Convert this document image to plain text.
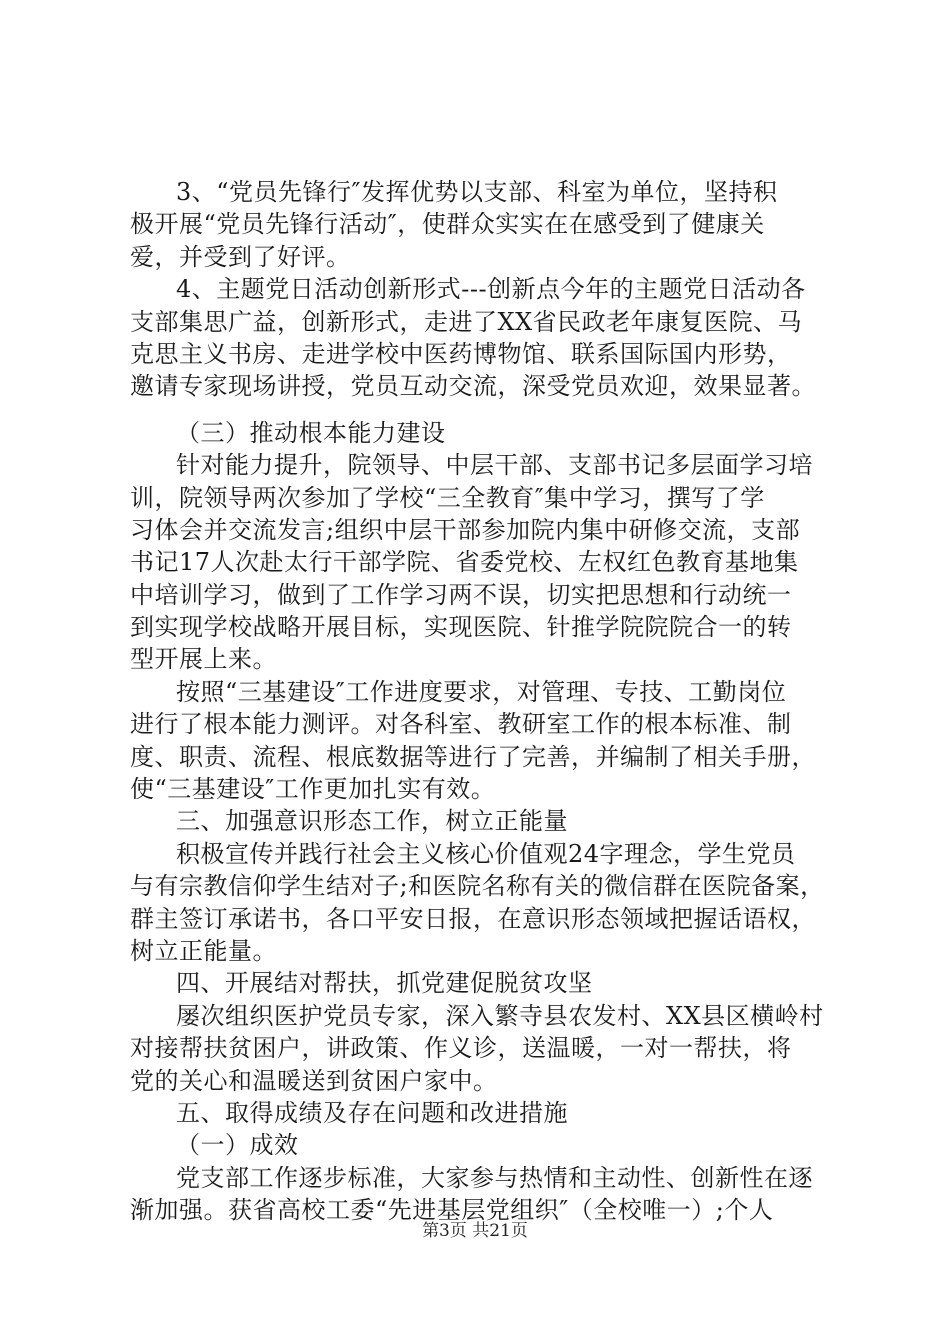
3、“党员先锋行″发挥优势以支部、科室为单位，坚持积
极开展“党员先锋行活动″，使群众实实在在感受到了健康关
爱，并受到了好评。
4、主题党日活动创新形式---创新点今年的主题党日活动各
支部集思广益，创新形式，走进了XX省民政老年康复医院、马
克思主义书房、走进学校中医药博物馆、联系国际国内形势，
邀请专家现场讲授，党员互动交流，深受党员欢迎，效果显著。
（三）推动根本能力建设
针对能力提升，院领导、中层干部、支部书记多层面学习培
训，院领导两次参加了学校“三全教育″集中学习，撰写了学
习体会并交流发言;组织中层干部参加院内集中研修交流，支部
书记17人次赴太行干部学院、省委党校、左权红色教育基地集
中培训学习，做到了工作学习两不误，切实把思想和行动统一
到实现学校战略开展目标，实现医院、针推学院院院合一的转
型开展上来。
按照“三基建设″工作进度要求，对管理、专技、工勤岗位
进行了根本能力测评。对各科室、教研室工作的根本标准、制
度、职责、流程、根底数据等进行了完善，并编制了相关手册，
使“三基建设″工作更加扎实有效。
三、加强意识形态工作，树立正能量
积极宣传并践行社会主义核心价值观24字理念，学生党员
与有宗教信仰学生结对子;和医院名称有关的微信群在医院备案，
群主签订承诺书，各口平安日报，在意识形态领域把握话语权，
树立正能量。
四、开展结对帮扶，抓党建促脱贫攻坚
屡次组织医护党员专家，深入繁寺县农发村、XX县区横岭村
对接帮扶贫困户，讲政策、作义诊，送温暖，一对一帮扶，将
党的关心和温暖送到贫困户家中。
五、取得成绩及存在问题和改进措施
（一）成效
党支部工作逐步标准，大家参与热情和主动性、创新性在逐
渐加强。获省高校工委“先进基层党组织″（全校唯一）;个人
第3页 共21页
